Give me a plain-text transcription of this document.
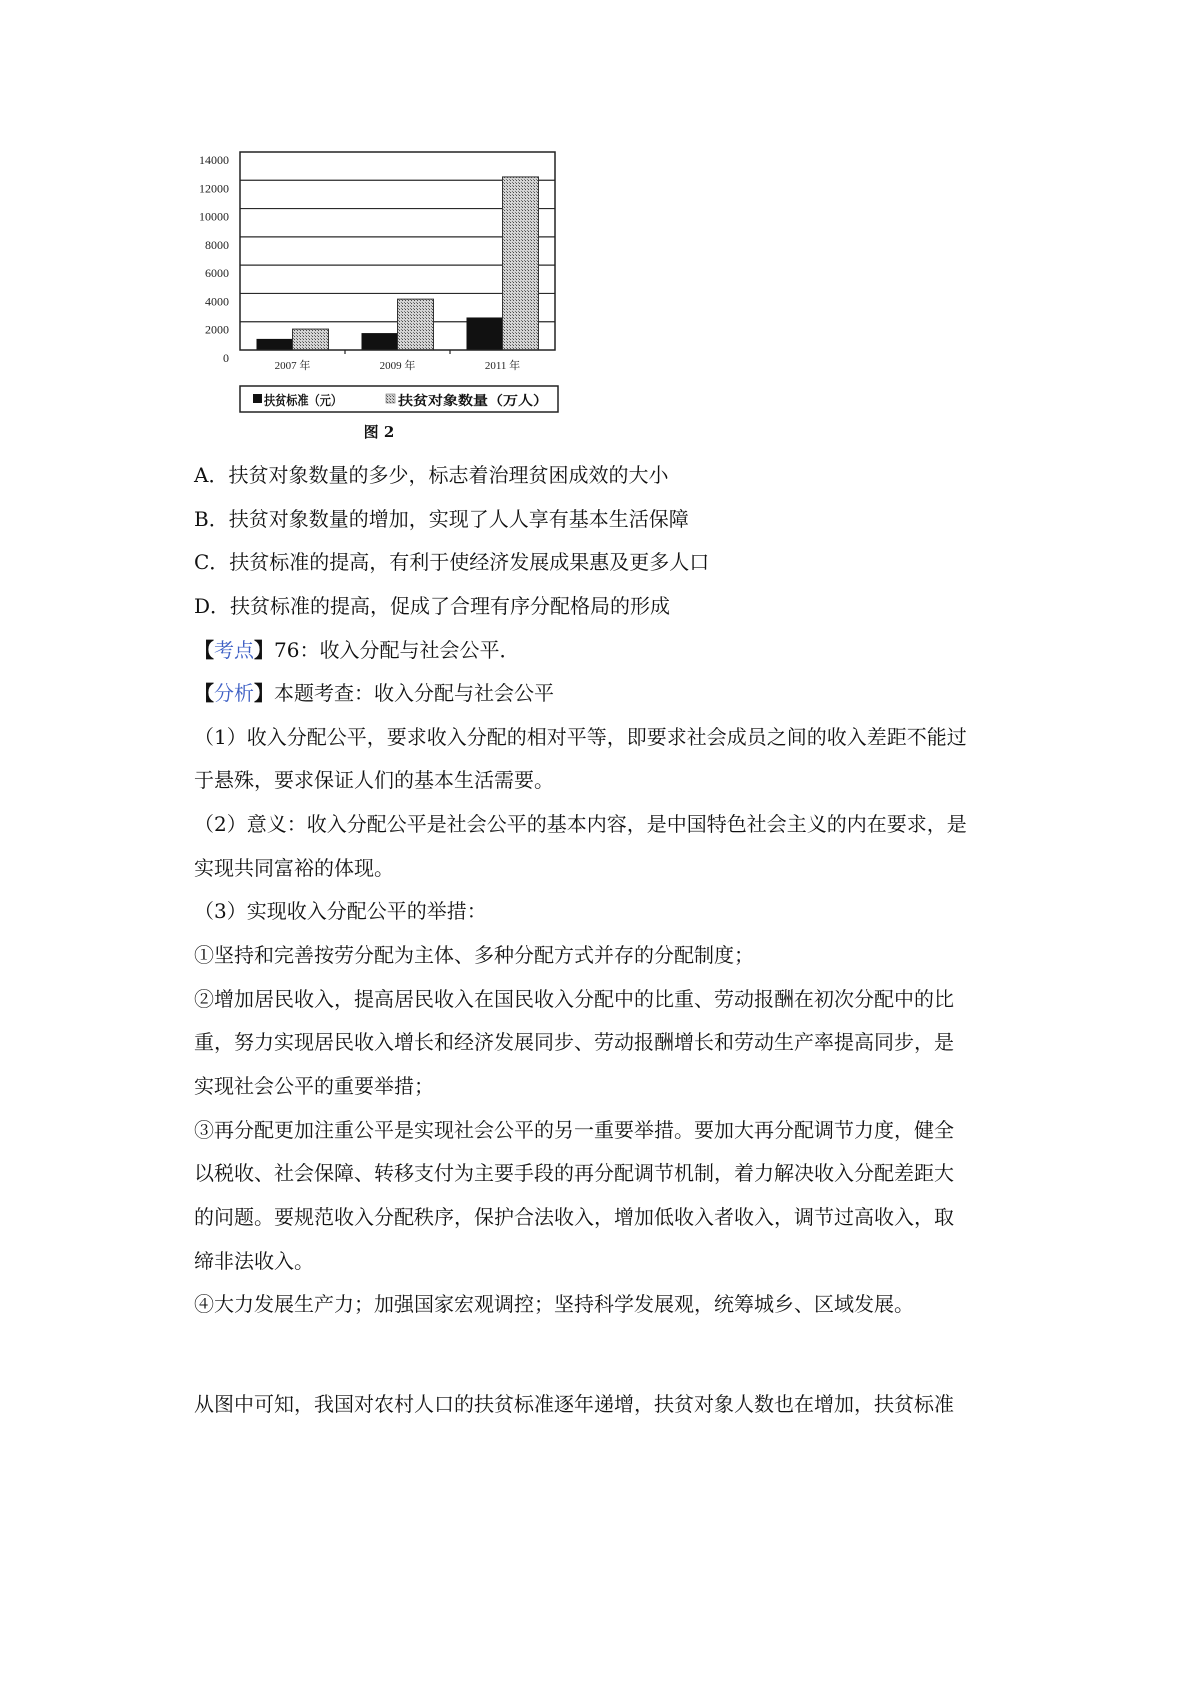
0
2000
4000
6000
8000
10000
12000
14000
2007 年	2009 年	2011 年
扶贫标准（元）	扶贫对象数量（万人）
图 2
A．扶贫对象数量的多少，标志着治理贫困成效的大小
B．扶贫对象数量的增加，实现了人人享有基本生活保障
C．扶贫标准的提高，有利于使经济发展成果惠及更多人口
D．扶贫标准的提高，促成了合理有序分配格局的形成
【考点】76：收入分配与社会公平．
【分析】本题考查：收入分配与社会公平
（1）收入分配公平，要求收入分配的相对平等，即要求社会成员之间的收入差距不能过
于悬殊，要求保证人们的基本生活需要。
（2）意义：收入分配公平是社会公平的基本内容，是中国特色社会主义的内在要求，是
实现共同富裕的体现。
（3）实现收入分配公平的举措：
①坚持和完善按劳分配为主体、多种分配方式并存的分配制度；
②增加居民收入，提高居民收入在国民收入分配中的比重、劳动报酬在初次分配中的比
重，努力实现居民收入增长和经济发展同步、劳动报酬增长和劳动生产率提高同步，是
实现社会公平的重要举措；
③再分配更加注重公平是实现社会公平的另一重要举措。要加大再分配调节力度，健全
以税收、社会保障、转移支付为主要手段的再分配调节机制，着力解决收入分配差距大
的问题。要规范收入分配秩序，保护合法收入，增加低收入者收入，调节过高收入，取
缔非法收入。
④大力发展生产力；加强国家宏观调控；坚持科学发展观，统筹城乡、区域发展。
从图中可知，我国对农村人口的扶贫标准逐年递增，扶贫对象人数也在增加，扶贫标准
